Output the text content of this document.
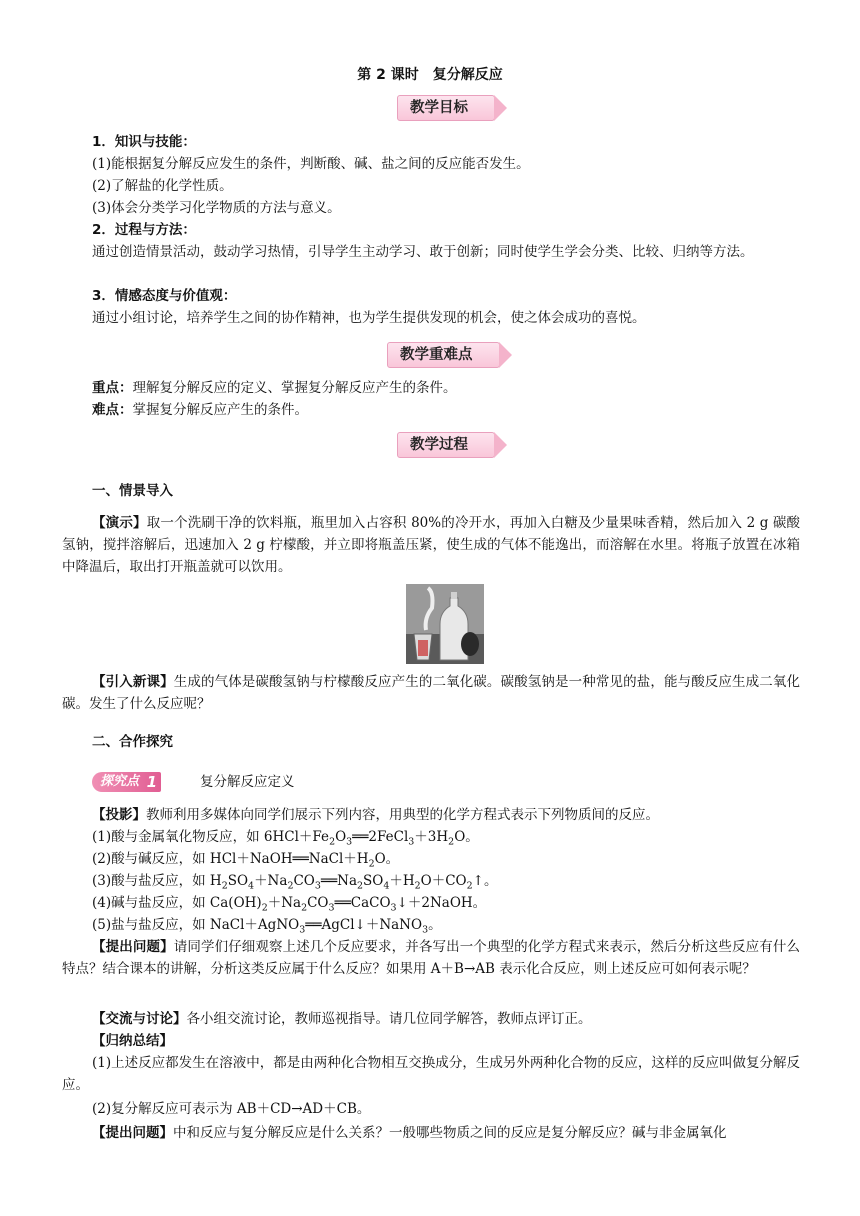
第 2 课时　复分解反应
教学目标
1．知识与技能：
(1)能根据复分解反应发生的条件，判断酸、碱、盐之间的反应能否发生。
(2)了解盐的化学性质。
(3)体会分类学习化学物质的方法与意义。
2．过程与方法：
通过创造情景活动，鼓动学习热情，引导学生主动学习、敢于创新；同时使学生学会分类、比较、归纳等方法。
3．情感态度与价值观：
通过小组讨论，培养学生之间的协作精神，也为学生提供发现的机会，使之体会成功的喜悦。
教学重难点
重点：理解复分解反应的定义、掌握复分解反应产生的条件。
难点：掌握复分解反应产生的条件。
教学过程
一、情景导入
【演示】取一个洗刷干净的饮料瓶，瓶里加入占容积 80%的冷开水，再加入白糖及少量果味香精，然后加入 2 g 碳酸氢钠，搅拌溶解后，迅速加入 2 g 柠檬酸，并立即将瓶盖压紧，使生成的气体不能逸出，而溶解在水里。将瓶子放置在冰箱中降温后，取出打开瓶盖就可以饮用。
【引入新课】生成的气体是碳酸氢钠与柠檬酸反应产生的二氧化碳。碳酸氢钠是一种常见的盐，能与酸反应生成二氧化碳。发生了什么反应呢？
二、合作探究
探究点 1	复分解反应定义
【投影】教师利用多媒体向同学们展示下列内容，用典型的化学方程式表示下列物质间的反应。
(1)酸与金属氧化物反应，如 $6HCl+Fe_2O_3══2FeCl_3+3H_2O$。
(2)酸与碱反应，如 $HCl+NaOH══NaCl+H_2O$。
(3)酸与盐反应，如 $H_2SO_4+Na_2CO_3══Na_2SO_4+H_2O+CO_2↑$。
(4)碱与盐反应，如 $Ca(OH)_2+Na_2CO_3══CaCO_3↓+2NaOH$。
(5)盐与盐反应，如 NaCl＋AgNO$_3$══AgCl↓＋NaNO$_3$。
【提出问题】请同学们仔细观察上述几个反应要求，并各写出一个典型的化学方程式来表示，然后分析这些反应有什么特点？结合课本的讲解，分析这类反应属于什么反应？如果用 A＋B→AB 表示化合反应，则上述反应可如何表示呢？
【交流与讨论】各小组交流讨论，教师巡视指导。请几位同学解答，教师点评订正。
【归纳总结】
(1)上述反应都发生在溶液中，都是由两种化合物相互交换成分，生成另外两种化合物的反应，这样的反应叫做复分解反应。
(2)复分解反应可表示为 AB＋CD→AD＋CB。
【提出问题】中和反应与复分解反应是什么关系？一般哪些物质之间的反应是复分解反应？碱与非金属氧化
